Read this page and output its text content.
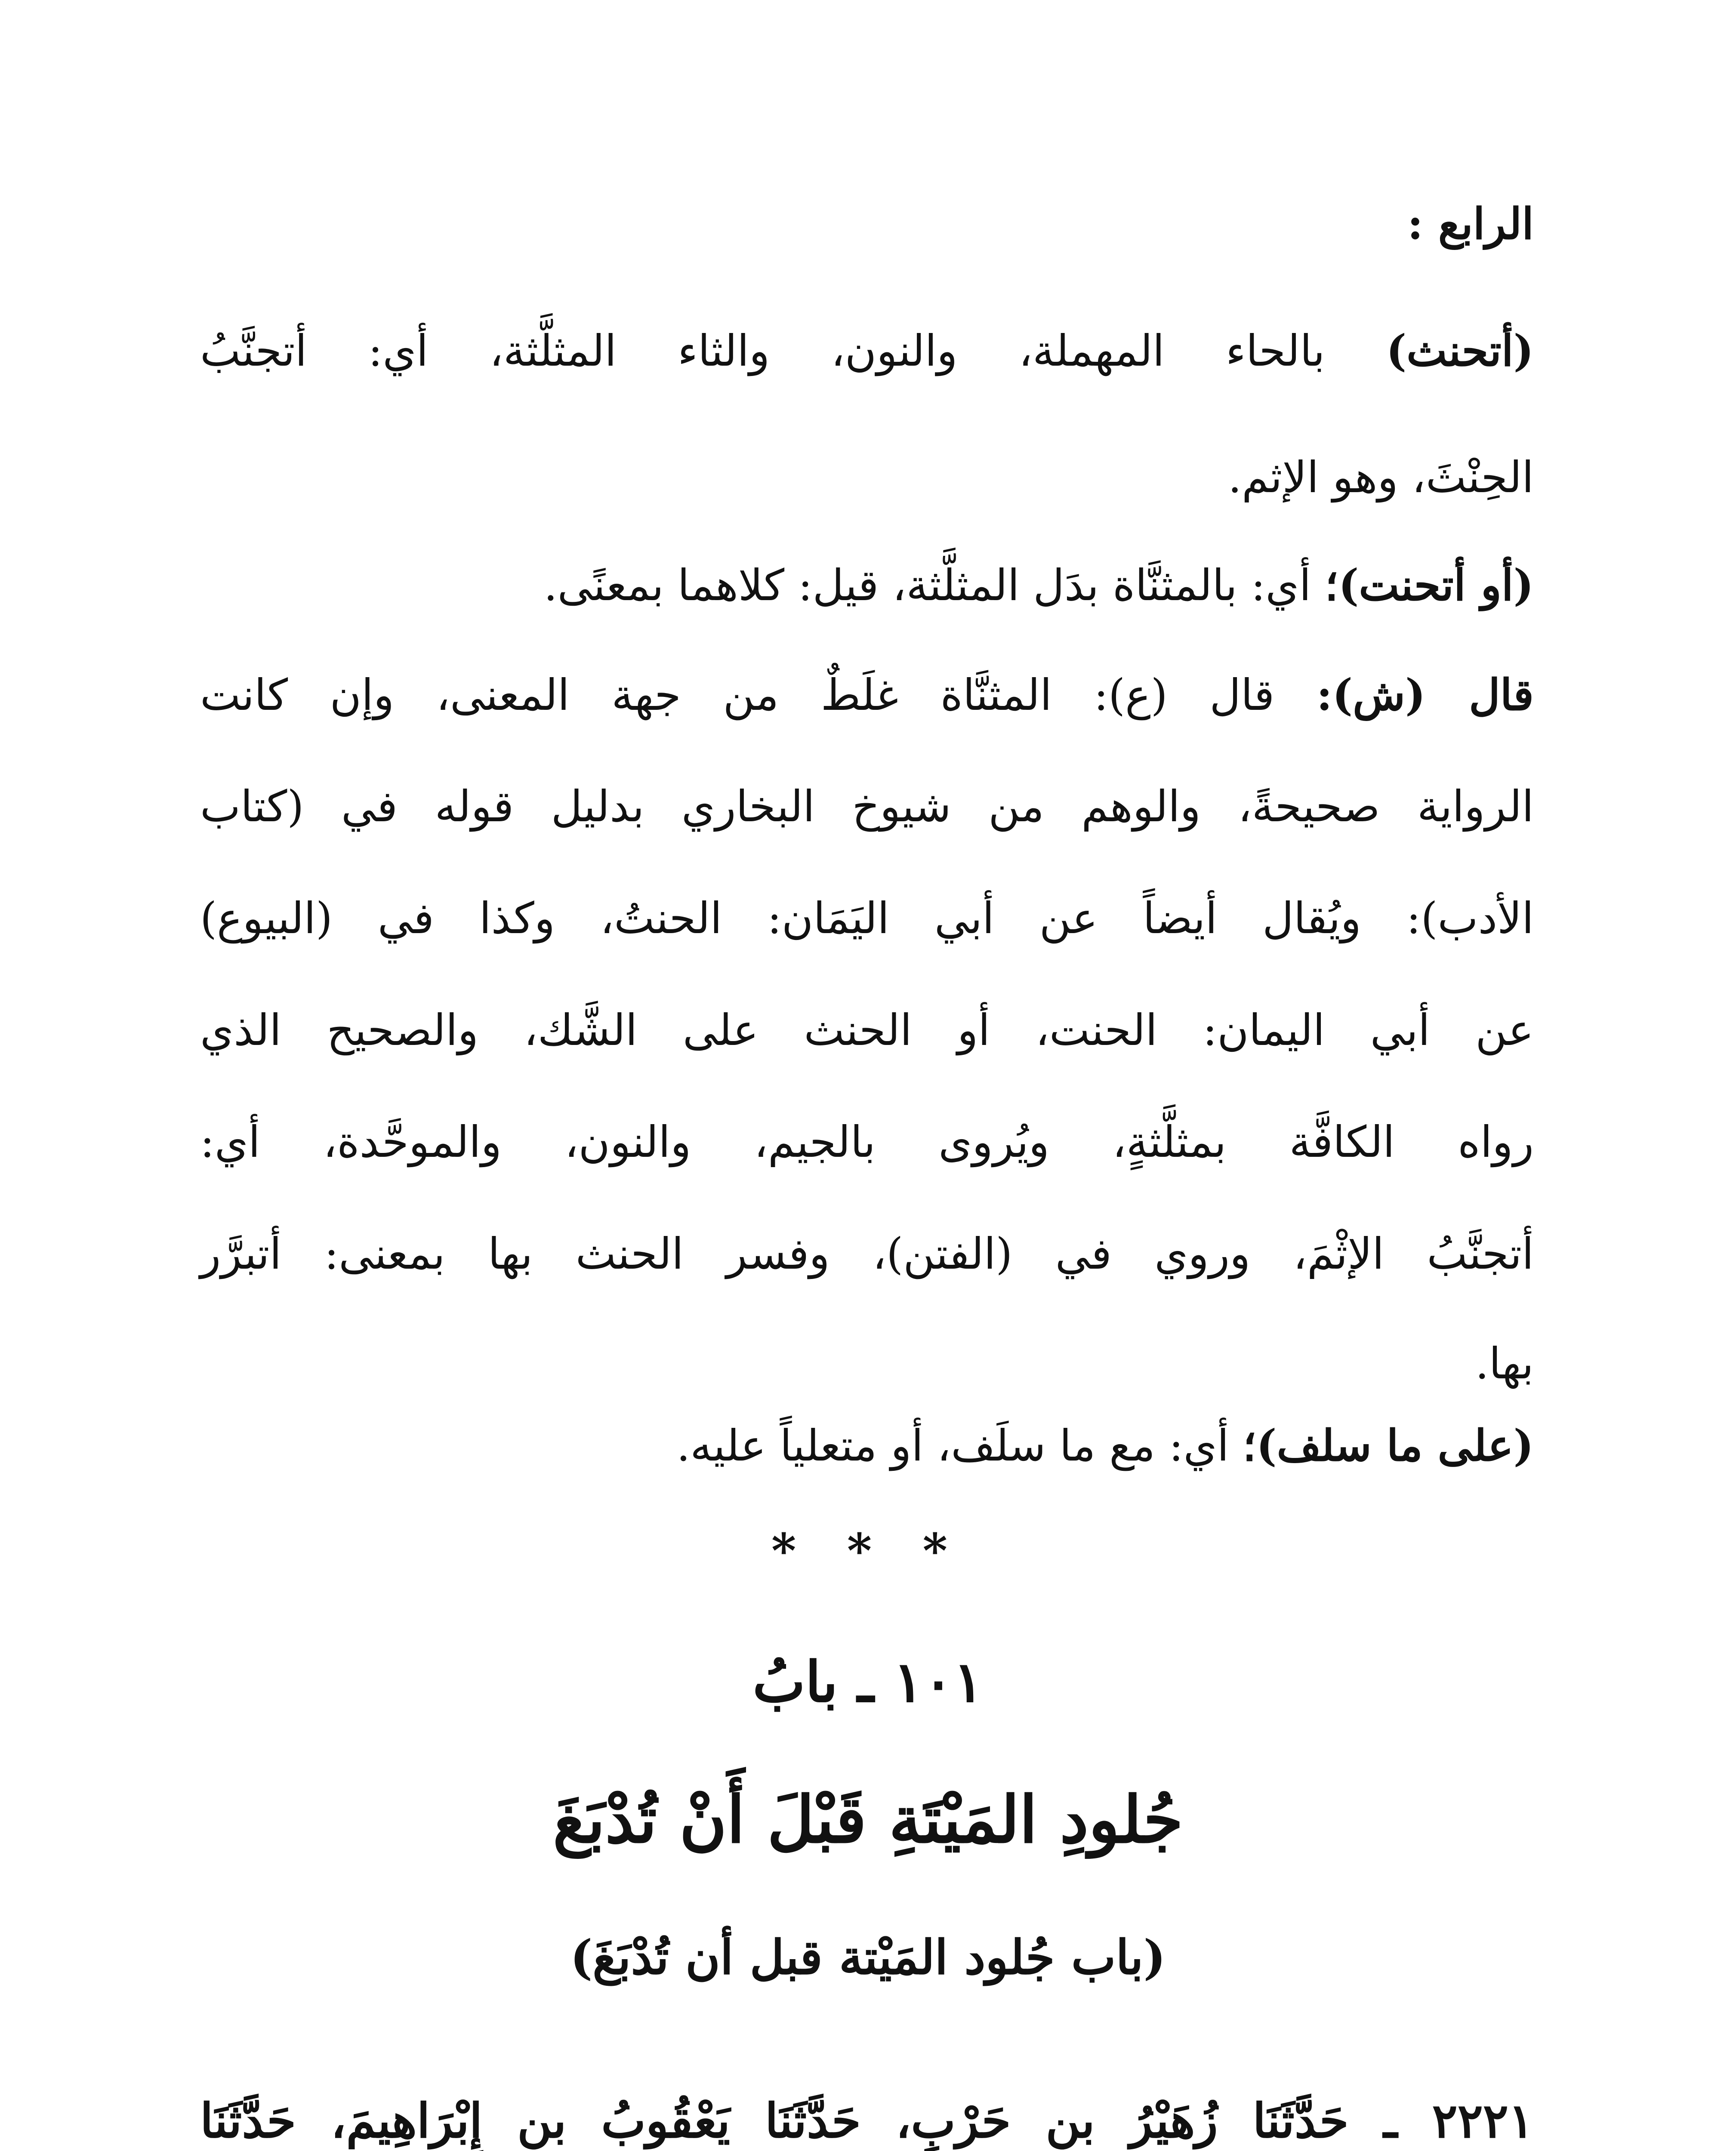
الرابع :
(أتحنث) بالحاء المهملة، والنون، والثاء المثلَّثة، أي: أتجنَّبُ
الحِنْثَ، وهو الإثم.
(أو أتحنت)؛ أي: بالمثنَّاة بدَل المثلَّثة، قيل: كلاهما بمعنًى.
قال (ش): قال (ع): المثنَّاة غلَطٌ من جهة المعنى، وإن كانت
الرواية صحيحةً، والوهم من شيوخ البخاري بدليل قوله في (كتاب
الأدب): ويُقال أيضاً عن أبي اليَمَان: الحنتُ، وكذا في (البيوع)
عن أبي اليمان: الحنت، أو الحنث على الشَّك، والصحيح الذي
رواه الكافَّة بمثلَّثةٍ، ويُروى بالجيم، والنون، والموحَّدة، أي:
أتجنَّبُ الإثْمَ، وروي في (الفتن)، وفسر الحنث بها بمعنى: أتبرَّر
بها.
(على ما سلف)؛ أي: مع ما سلَف، أو متعلياً عليه.
* * *
١٠١ ـ بابُ
جُلودِ المَيْتَةِ قَبْلَ أَنْ تُدْبَغَ
(باب جُلود المَيْتة قبل أن تُدْبَغَ)
٢٢٢١ ـ حَدَّثَنَا زُهَيْرُ بن حَرْبٍ، حَدَّثَنَا يَعْقُوبُ بن إِبْرَاهِيمَ، حَدَّثَنَا
